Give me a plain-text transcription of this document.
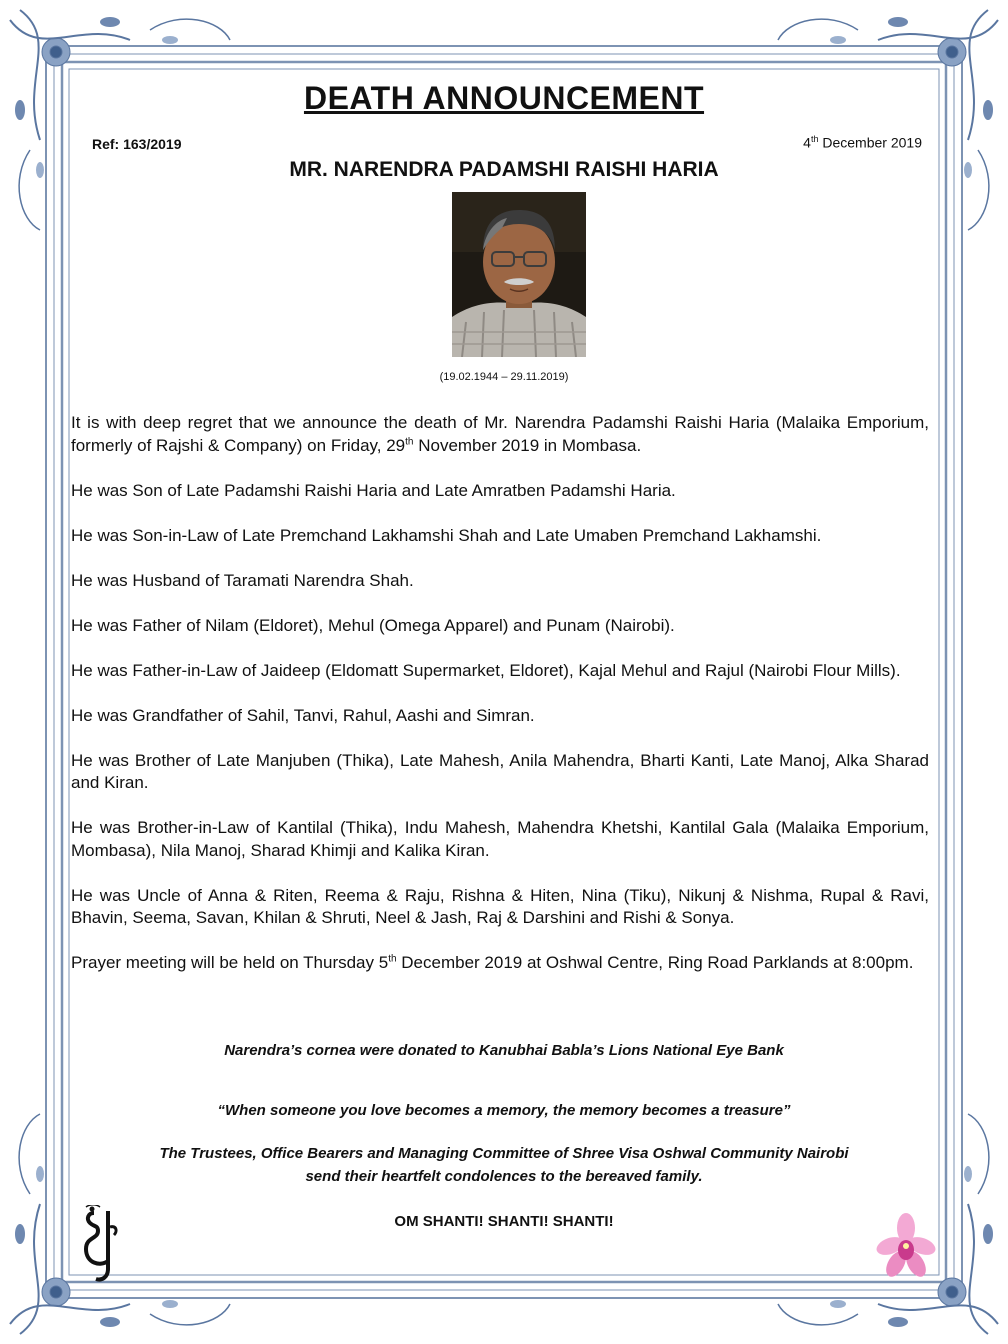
DEATH ANNOUNCEMENT
Ref: 163/2019	4th December 2019
MR. NARENDRA PADAMSHI RAISHI HARIA
(19.02.1944 – 29.11.2019)

It is with deep regret that we announce the death of Mr. Narendra Padamshi Raishi Haria (Malaika Emporium, formerly of Rajshi & Company) on Friday, 29th November 2019 in Mombasa.

He was Son of Late Padamshi Raishi Haria and Late Amratben Padamshi Haria.

He was Son-in-Law of Late Premchand Lakhamshi Shah and Late Umaben Premchand Lakhamshi.

He was Husband of Taramati Narendra Shah.

He was Father of Nilam (Eldoret), Mehul (Omega Apparel) and Punam (Nairobi).

He was Father-in-Law of Jaideep (Eldomatt Supermarket, Eldoret), Kajal Mehul and Rajul (Nairobi Flour Mills).

He was Grandfather of Sahil, Tanvi, Rahul, Aashi and Simran.

He was Brother of Late Manjuben (Thika), Late Mahesh, Anila Mahendra, Bharti Kanti, Late Manoj, Alka Sharad and Kiran.

He was Brother-in-Law of Kantilal (Thika), Indu Mahesh, Mahendra Khetshi, Kantilal Gala (Malaika Emporium, Mombasa), Nila Manoj, Sharad Khimji and Kalika Kiran.

He was Uncle of Anna & Riten, Reema & Raju, Rishna & Hiten, Nina (Tiku), Nikunj & Nishma, Rupal & Ravi, Bhavin, Seema, Savan, Khilan & Shruti, Neel & Jash, Raj & Darshini and Rishi & Sonya.

Prayer meeting will be held on Thursday 5th December 2019 at Oshwal Centre, Ring Road Parklands at 8:00pm.

Narendra’s cornea were donated to Kanubhai Babla’s Lions National Eye Bank
“When someone you love becomes a memory, the memory becomes a treasure”
The Trustees, Office Bearers and Managing Committee of Shree Visa Oshwal Community Nairobi
send their heartfelt condolences to the bereaved family.
OM SHANTI! SHANTI! SHANTI!
